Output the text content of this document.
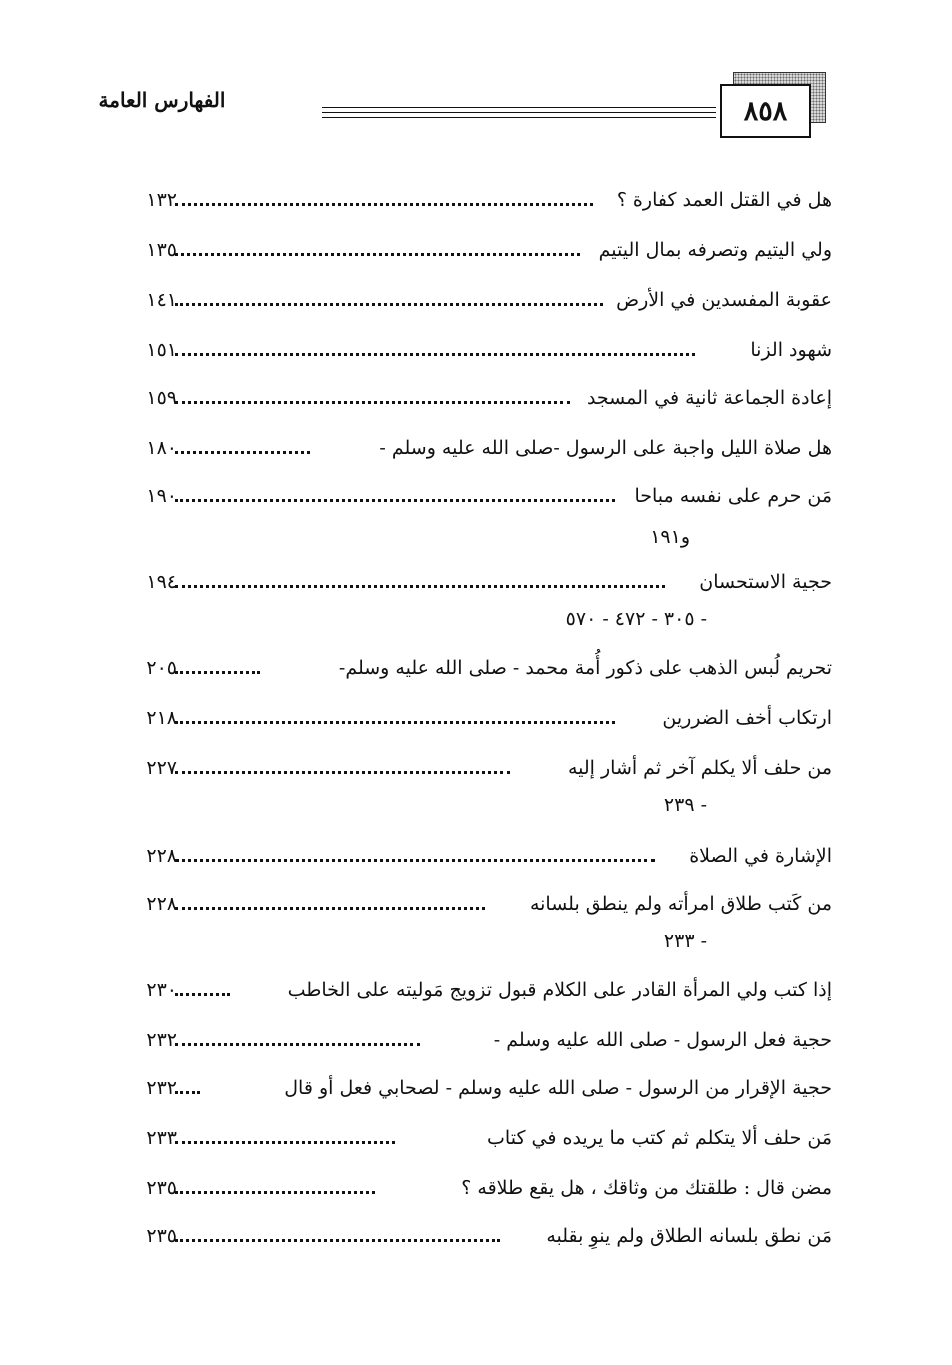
الفهارس العامة	٨٥٨
هل في القتل العمد كفارة ؟
١٣٢
ولي اليتيم وتصرفه بمال اليتيم
١٣٥
عقوبة المفسدين في الأرض
١٤١
شهود الزنا
١٥١
إعادة الجماعة ثانية في المسجد
١٥٩
هل صلاة الليل واجبة على الرسول -صلى الله عليه وسلم -
١٨٠
مَن حرم على نفسه مباحا
١٩٠
و١٩١
حجية الاستحسان
١٩٤
- ٣٠٥ - ٤٧٢ - ٥٧٠
تحريم لُبس الذهب على ذكور أُمة محمد - صلى الله عليه وسلم-
٢٠٥
ارتكاب أخف الضررين
٢١٨
من حلف ألا يكلم آخر ثم أشار إليه
٢٢٧
- ٢٣٩
الإشارة في الصلاة
٢٢٨
من كَتب طلاق امرأته ولم ينطق بلسانه
٢٢٨
- ٢٣٣
إذا كتب ولي المرأة القادر على الكلام قبول تزويج مَوليته على الخاطب
٢٣٠
حجية فعل الرسول - صلى الله عليه وسلم -
٢٣٢
حجية الإقرار من الرسول - صلى الله عليه وسلم - لصحابي فعل أو قال
٢٣٢
مَن حلف ألا يتكلم ثم كتب ما يريده في كتاب
٢٣٣
مضن قال : طلقتك من وثاقك ، هل يقع طلاقه ؟
٢٣٥
مَن نطق بلسانه الطلاق ولم ينوِ بقلبه
٢٣٥
